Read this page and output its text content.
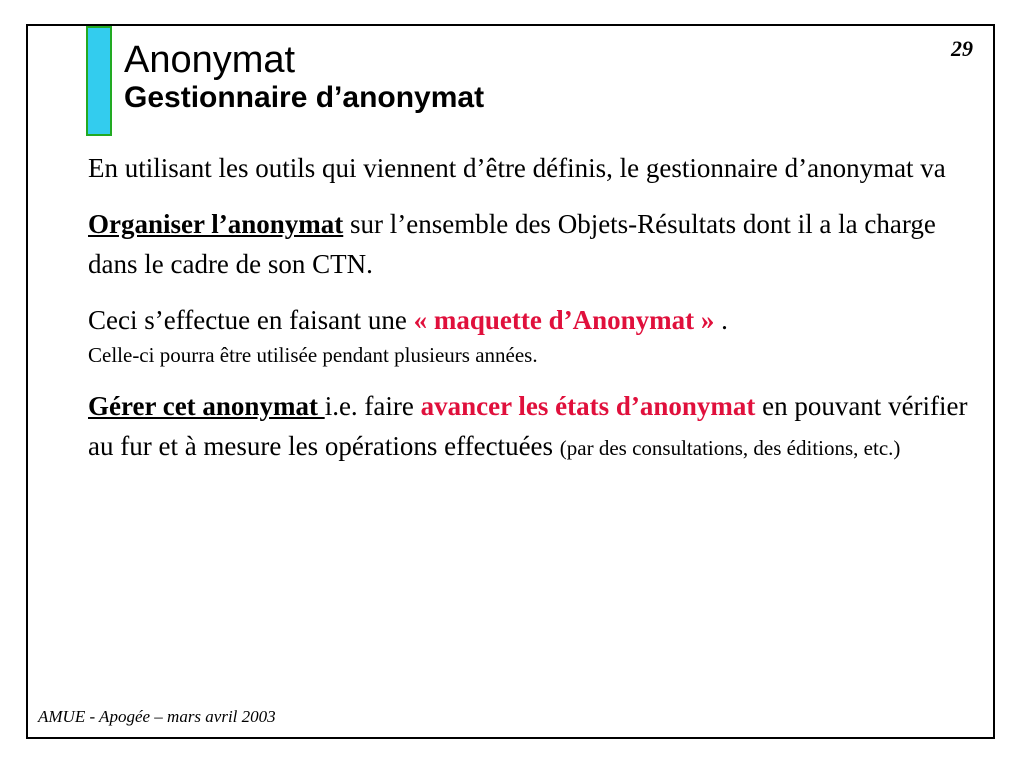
Anonymat

Gestionnaire d’anonymat

29

En utilisant les outils qui viennent d’être définis, le gestionnaire d’anonymat va

Organiser l’anonymat sur l’ensemble des Objets-Résultats dont il a la charge dans le cadre de son CTN.

Ceci s’effectue en faisant une « maquette d’Anonymat » .

Celle-ci pourra être utilisée pendant plusieurs années.

Gérer cet anonymat i.e. faire avancer les états d’anonymat en pouvant vérifier au fur et à mesure les opérations effectuées (par des consultations, des éditions, etc.)

AMUE - Apogée – mars avril 2003
